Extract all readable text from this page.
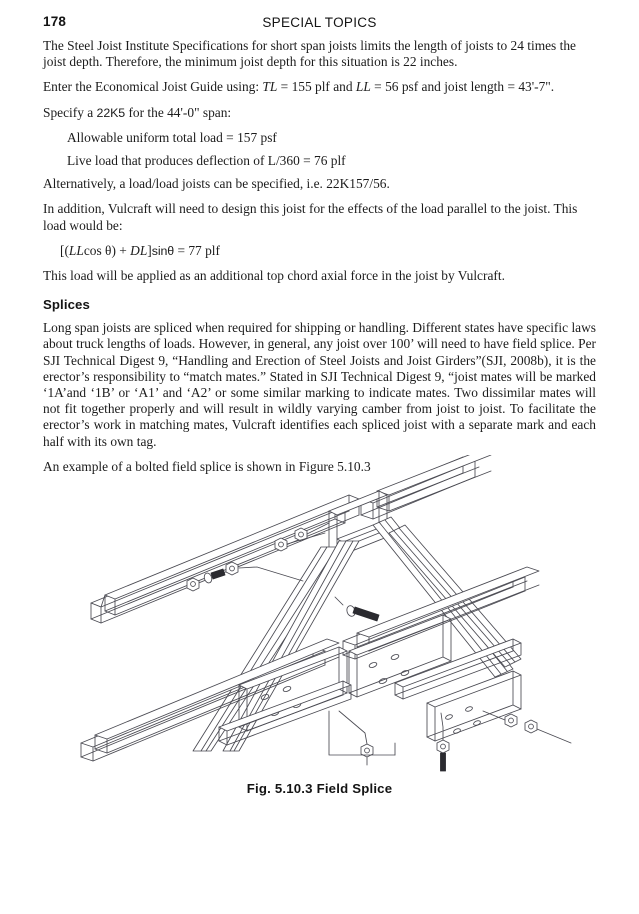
178	SPECIAL TOPICS

The Steel Joist Institute Specifications for short span joists limits the length of joists to 24 times the joist depth. Therefore, the minimum joist depth for this situation is 22 inches.

Enter the Economical Joist Guide using: TL = 155 plf and LL = 56 psf and joist length = 43'-7".

Specify a 22K5 for the 44'-0" span:

Allowable uniform total load = 157 psf

Live load that produces deflection of L/360 = 76 plf

Alternatively, a load/load joists can be specified, i.e. 22K157/56.

In addition, Vulcraft will need to design this joist for the effects of the load parallel to the joist. This load would be:

[(LLcos θ) + DL]sinθ = 77 plf

This load will be applied as an additional top chord axial force in the joist by Vulcraft.

Splices

Long span joists are spliced when required for shipping or handling. Different states have specific laws about truck lengths of loads. However, in general, any joist over 100’ will need to have field splice. Per SJI Technical Digest 9, “Handling and Erection of Steel Joists and Joist Girders”(SJI, 2008b), it is the erector’s responsibility to “match mates.” Stated in SJI Technical Digest 9, “joist mates will be marked ‘1A’and ‘1B’ or ‘A1’ and ‘A2’ or some similar marking to indicate mates. Two dissimilar mates will not fit together properly and will result in wildly varying camber from joist to joist. To facilitate the erector’s work in matching mates, Vulcraft identifies each spliced joist with a separate mark and each half with its own tag.

An example of a bolted field splice is shown in Figure 5.10.3

Fig. 5.10.3 Field Splice
